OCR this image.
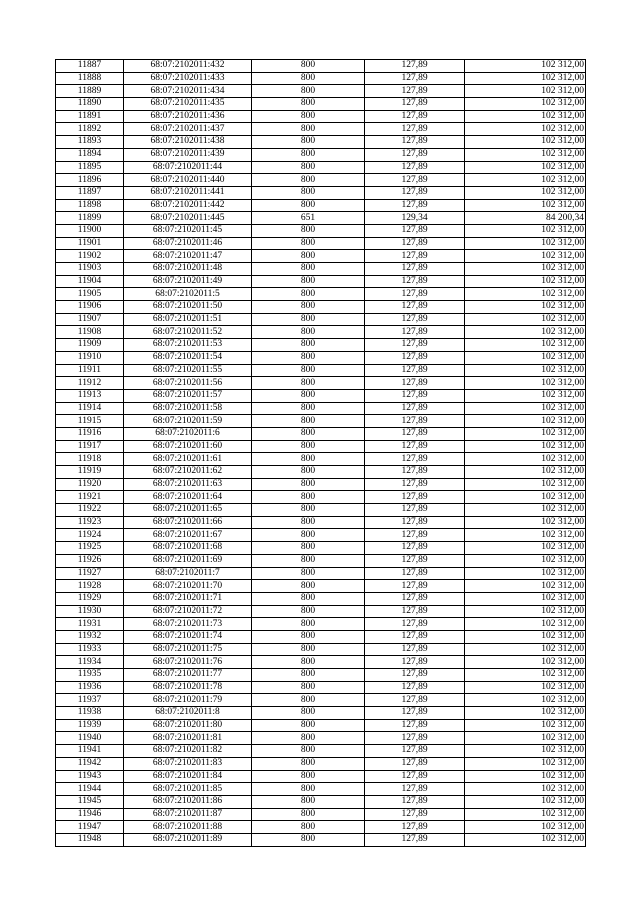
11887	68:07:2102011:432	800	127,89	102 312,00
11888	68:07:2102011:433	800	127,89	102 312,00
11889	68:07:2102011:434	800	127,89	102 312,00
11890	68:07:2102011:435	800	127,89	102 312,00
11891	68:07:2102011:436	800	127,89	102 312,00
11892	68:07:2102011:437	800	127,89	102 312,00
11893	68:07:2102011:438	800	127,89	102 312,00
11894	68:07:2102011:439	800	127,89	102 312,00
11895	68:07:2102011:44	800	127,89	102 312,00
11896	68:07:2102011:440	800	127,89	102 312,00
11897	68:07:2102011:441	800	127,89	102 312,00
11898	68:07:2102011:442	800	127,89	102 312,00
11899	68:07:2102011:445	651	129,34	84 200,34
11900	68:07:2102011:45	800	127,89	102 312,00
11901	68:07:2102011:46	800	127,89	102 312,00
11902	68:07:2102011:47	800	127,89	102 312,00
11903	68:07:2102011:48	800	127,89	102 312,00
11904	68:07:2102011:49	800	127,89	102 312,00
11905	68:07:2102011:5	800	127,89	102 312,00
11906	68:07:2102011:50	800	127,89	102 312,00
11907	68:07:2102011:51	800	127,89	102 312,00
11908	68:07:2102011:52	800	127,89	102 312,00
11909	68:07:2102011:53	800	127,89	102 312,00
11910	68:07:2102011:54	800	127,89	102 312,00
11911	68:07:2102011:55	800	127,89	102 312,00
11912	68:07:2102011:56	800	127,89	102 312,00
11913	68:07:2102011:57	800	127,89	102 312,00
11914	68:07:2102011:58	800	127,89	102 312,00
11915	68:07:2102011:59	800	127,89	102 312,00
11916	68:07:2102011:6	800	127,89	102 312,00
11917	68:07:2102011:60	800	127,89	102 312,00
11918	68:07:2102011:61	800	127,89	102 312,00
11919	68:07:2102011:62	800	127,89	102 312,00
11920	68:07:2102011:63	800	127,89	102 312,00
11921	68:07:2102011:64	800	127,89	102 312,00
11922	68:07:2102011:65	800	127,89	102 312,00
11923	68:07:2102011:66	800	127,89	102 312,00
11924	68:07:2102011:67	800	127,89	102 312,00
11925	68:07:2102011:68	800	127,89	102 312,00
11926	68:07:2102011:69	800	127,89	102 312,00
11927	68:07:2102011:7	800	127,89	102 312,00
11928	68:07:2102011:70	800	127,89	102 312,00
11929	68:07:2102011:71	800	127,89	102 312,00
11930	68:07:2102011:72	800	127,89	102 312,00
11931	68:07:2102011:73	800	127,89	102 312,00
11932	68:07:2102011:74	800	127,89	102 312,00
11933	68:07:2102011:75	800	127,89	102 312,00
11934	68:07:2102011:76	800	127,89	102 312,00
11935	68:07:2102011:77	800	127,89	102 312,00
11936	68:07:2102011:78	800	127,89	102 312,00
11937	68:07:2102011:79	800	127,89	102 312,00
11938	68:07:2102011:8	800	127,89	102 312,00
11939	68:07:2102011:80	800	127,89	102 312,00
11940	68:07:2102011:81	800	127,89	102 312,00
11941	68:07:2102011:82	800	127,89	102 312,00
11942	68:07:2102011:83	800	127,89	102 312,00
11943	68:07:2102011:84	800	127,89	102 312,00
11944	68:07:2102011:85	800	127,89	102 312,00
11945	68:07:2102011:86	800	127,89	102 312,00
11946	68:07:2102011:87	800	127,89	102 312,00
11947	68:07:2102011:88	800	127,89	102 312,00
11948	68:07:2102011:89	800	127,89	102 312,00
